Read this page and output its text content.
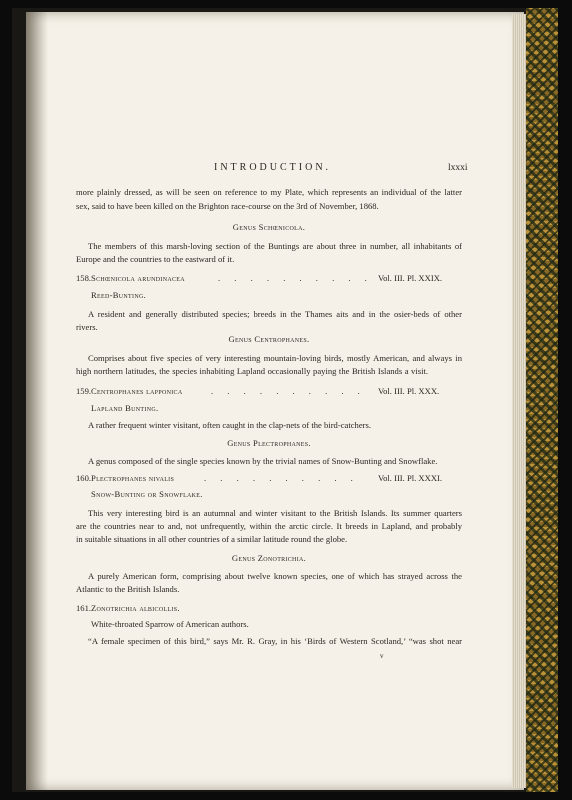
INTRODUCTION.	lxxxi
more plainly dressed, as will be seen on reference to my Plate, which represents an individual of the latter
sex, said to have been killed on the Brighton race-course on the 3rd of November, 1868.
Genus Schœnicola.
The members of this marsh-loving section of the Buntings are about three in number, all inhabitants of
Europe and the countries to the eastward of it.
158. Schœnicola arundinacea	. . . . . . . . . . Vol. III. Pl. XXIX.
Reed-Bunting.
A resident and generally distributed species; breeds in the Thames aits and in the osier-beds of other
rivers.
Genus Centrophanes.
Comprises about five species of very interesting mountain-loving birds, mostly American, and always in
high northern latitudes, the species inhabiting Lapland occasionally paying the British Islands a visit.
159. Centrophanes lapponica	. . . . . . . . . . Vol. III. Pl. XXX.
Lapland Bunting.
A rather frequent winter visitant, often caught in the clap-nets of the bird-catchers.
Genus Plectrophanes.
A genus composed of the single species known by the trivial names of Snow-Bunting and Snowflake.
160. Plectrophanes nivalis	. . . . . . . . . . Vol. III. Pl. XXXI.
Snow-Bunting or Snowflake.
This very interesting bird is an autumnal and winter visitant to the British Islands. Its summer quarters
are the countries near to and, not unfrequently, within the arctic circle. It breeds in Lapland, and probably
in suitable situations in all other countries of a similar latitude round the globe.
Genus Zonotrichia.
A purely American form, comprising about twelve known species, one of which has strayed across the
Atlantic to the British Islands.
161. Zonotrichia albicollis.
White-throated Sparrow of American authors.
“A female specimen of this bird,” says Mr. R. Gray, in his ‘Birds of Western Scotland,’ “was shot near
v
